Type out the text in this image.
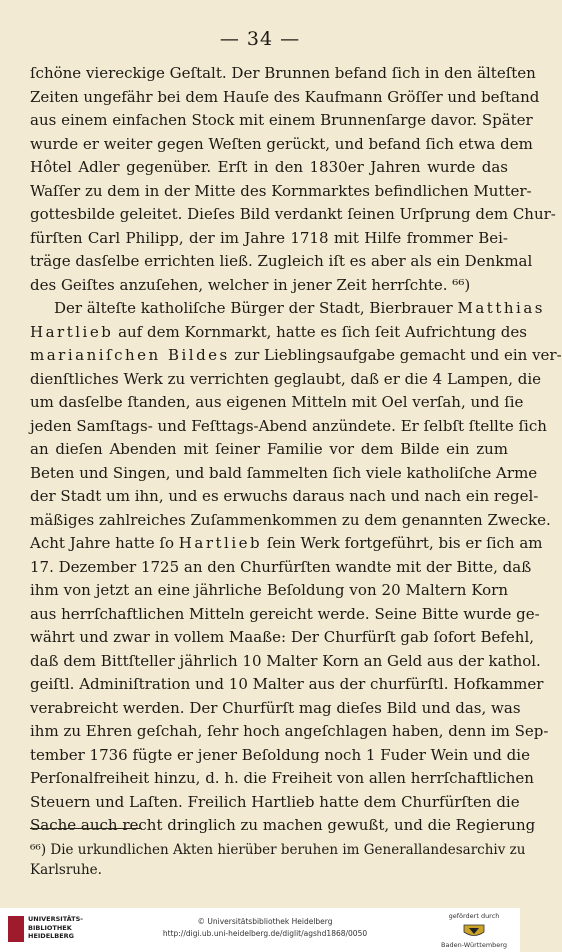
— 34 —
ſchöne viereckige Geſtalt. Der Brunnen befand ſich in den älteſten
Zeiten ungefähr bei dem Hauſe des Kaufmann Gröſſer und beſtand
aus einem einfachen Stock mit einem Brunnenſarge davor. Später
wurde er weiter gegen Weſten gerückt, und befand ſich etwa dem
Hôtel Adler gegenüber. Erſt in den 1830er Jahren wurde das
Waſſer zu dem in der Mitte des Kornmarktes befindlichen Mutter-
gottesbilde geleitet. Dieſes Bild verdankt ſeinen Urſprung dem Chur-
fürſten Carl Philipp, der im Jahre 1718 mit Hilfe frommer Bei-
träge dasſelbe errichten ließ. Zugleich iſt es aber als ein Denkmal
des Geiſtes anzuſehen, welcher in jener Zeit herrſchte. ⁶⁶)
Der älteſte katholiſche Bürger der Stadt, Bierbrauer Matthias
Hartlieb auf dem Kornmarkt, hatte es ſich ſeit Aufrichtung des
marianiſchen Bildes zur Lieblingsaufgabe gemacht und ein ver-
dienſtliches Werk zu verrichten geglaubt, daß er die 4 Lampen, die
um dasſelbe ſtanden, aus eigenen Mitteln mit Oel verſah, und ſie
jeden Samſtags- und Feſttags-Abend anzündete. Er ſelbſt ſtellte ſich
an dieſen Abenden mit ſeiner Familie vor dem Bilde ein zum
Beten und Singen, und bald ſammelten ſich viele katholiſche Arme
der Stadt um ihn, und es erwuchs daraus nach und nach ein regel-
mäßiges zahlreiches Zuſammenkommen zu dem genannten Zwecke.
Acht Jahre hatte ſo Hartlieb ſein Werk fortgeführt, bis er ſich am
17. Dezember 1725 an den Churfürſten wandte mit der Bitte, daß
ihm von jetzt an eine jährliche Beſoldung von 20 Maltern Korn
aus herrſchaftlichen Mitteln gereicht werde. Seine Bitte wurde ge-
währt und zwar in vollem Maaße: Der Churfürſt gab ſofort Befehl,
daß dem Bittſteller jährlich 10 Malter Korn an Geld aus der kathol.
geiſtl. Adminiſtration und 10 Malter aus der churfürſtl. Hofkammer
verabreicht werden. Der Churfürſt mag dieſes Bild und das, was
ihm zu Ehren geſchah, ſehr hoch angeſchlagen haben, denn im Sep-
tember 1736 fügte er jener Beſoldung noch 1 Fuder Wein und die
Perſonalfreiheit hinzu, d. h. die Freiheit von allen herrſchaftlichen
Steuern und Laſten. Freilich Hartlieb hatte dem Churfürſten die
Sache auch recht dringlich zu machen gewußt, und die Regierung
⁶⁶) Die urkundlichen Akten hierüber beruhen im Generallandesarchiv zu
Karlsruhe.
UNIVERSITÄTS-
BIBLIOTHEK
HEIDELBERG
© Universitätsbibliothek Heidelberg
http://digi.ub.uni-heidelberg.de/diglit/agshd1868/0050
gefördert durch
Baden-Württemberg
